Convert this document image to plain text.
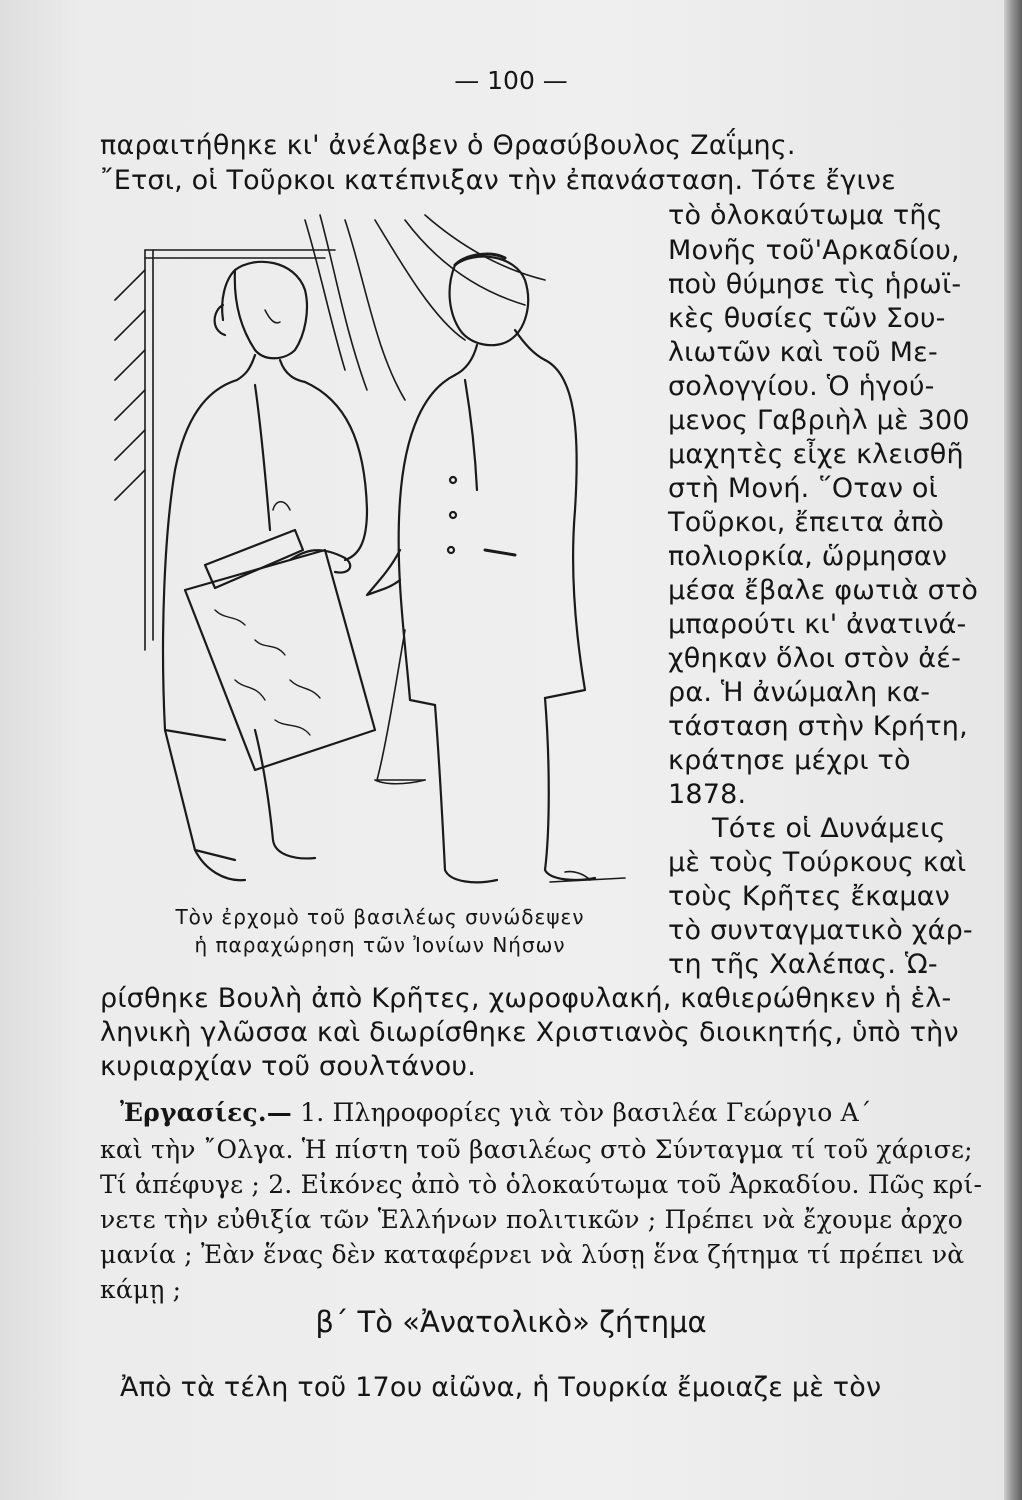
— 100 —
παραιτήθηκε κι' ἀνέλαβεν ὁ Θρασύβουλος Ζαΐμης.
῎Ετσι, οἱ Τοῦρκοι κατέπνιξαν τὴν ἐπανάσταση. Τότε ἔγινε
τὸ ὁλοκαύτωμα τῆς
Μονῆς τοῦ'Αρκαδίου,
ποὺ θύμησε τὶς ἡρωϊ-
κὲς θυσίες τῶν Σου-
λιωτῶν καὶ τοῦ Με-
σολογγίου. Ὁ ἡγού-
μενος Γαβριὴλ μὲ 300
μαχητὲς εἶχε κλεισθῆ
στὴ Μονή. ῞Οταν οἱ
Τοῦρκοι, ἔπειτα ἀπὸ
πολιορκία, ὥρμησαν
μέσα ἔβαλε φωτιὰ στὸ
μπαρούτι κι' ἀνατινά-
χθηκαν ὅλοι στὸν ἀέ-
ρα. Ἡ ἀνώμαλη κα-
τάσταση στὴν Κρήτη,
κράτησε μέχρι τὸ
1878.
Τότε οἱ Δυνάμεις
μὲ τοὺς Τούρκους καὶ
τοὺς Κρῆτες ἔκαμαν
τὸ συνταγματικὸ χάρ-
τη τῆς Χαλέπας. Ὡ-
Τὸν ἐρχομὸ τοῦ βασιλέως συνώδεψεν
ἡ παραχώρηση τῶν Ἰονίων Νήσων
ρίσθηκε Βουλὴ ἀπὸ Κρῆτες, χωροφυλακή, καθιερώθηκεν ἡ ἑλ-
ληνικὴ γλῶσσα καὶ διωρίσθηκε Χριστιανὸς διοικητής, ὑπὸ τὴν
κυριαρχίαν τοῦ σουλτάνου.
Ἐργασίες.— 1. Πληροφορίες γιὰ τὸν βασιλέα Γεώργιο Α΄
καὶ τὴν ῎Ολγα. Ἡ πίστη τοῦ βασιλέως στὸ Σύνταγμα τί τοῦ χάρισε;
Τί ἀπέφυγε ; 2. Εἰκόνες ἀπὸ τὸ ὁλοκαύτωμα τοῦ Ἀρκαδίου. Πῶς κρί-
νετε τὴν εὐθιξία τῶν Ἑλλήνων πολιτικῶν ; Πρέπει νὰ ἔχουμε ἀρχο
μανία ; Ἐὰν ἕνας δὲν καταφέρνει νὰ λύσῃ ἕνα ζήτημα τί πρέπει νὰ
κάμῃ ;
β΄ Τὸ «Ἀνατολικὸ» ζήτημα
Ἀπὸ τὰ τέλη τοῦ 17ου αἰῶνα, ἡ Τουρκία ἔμοιαζε μὲ τὸν
